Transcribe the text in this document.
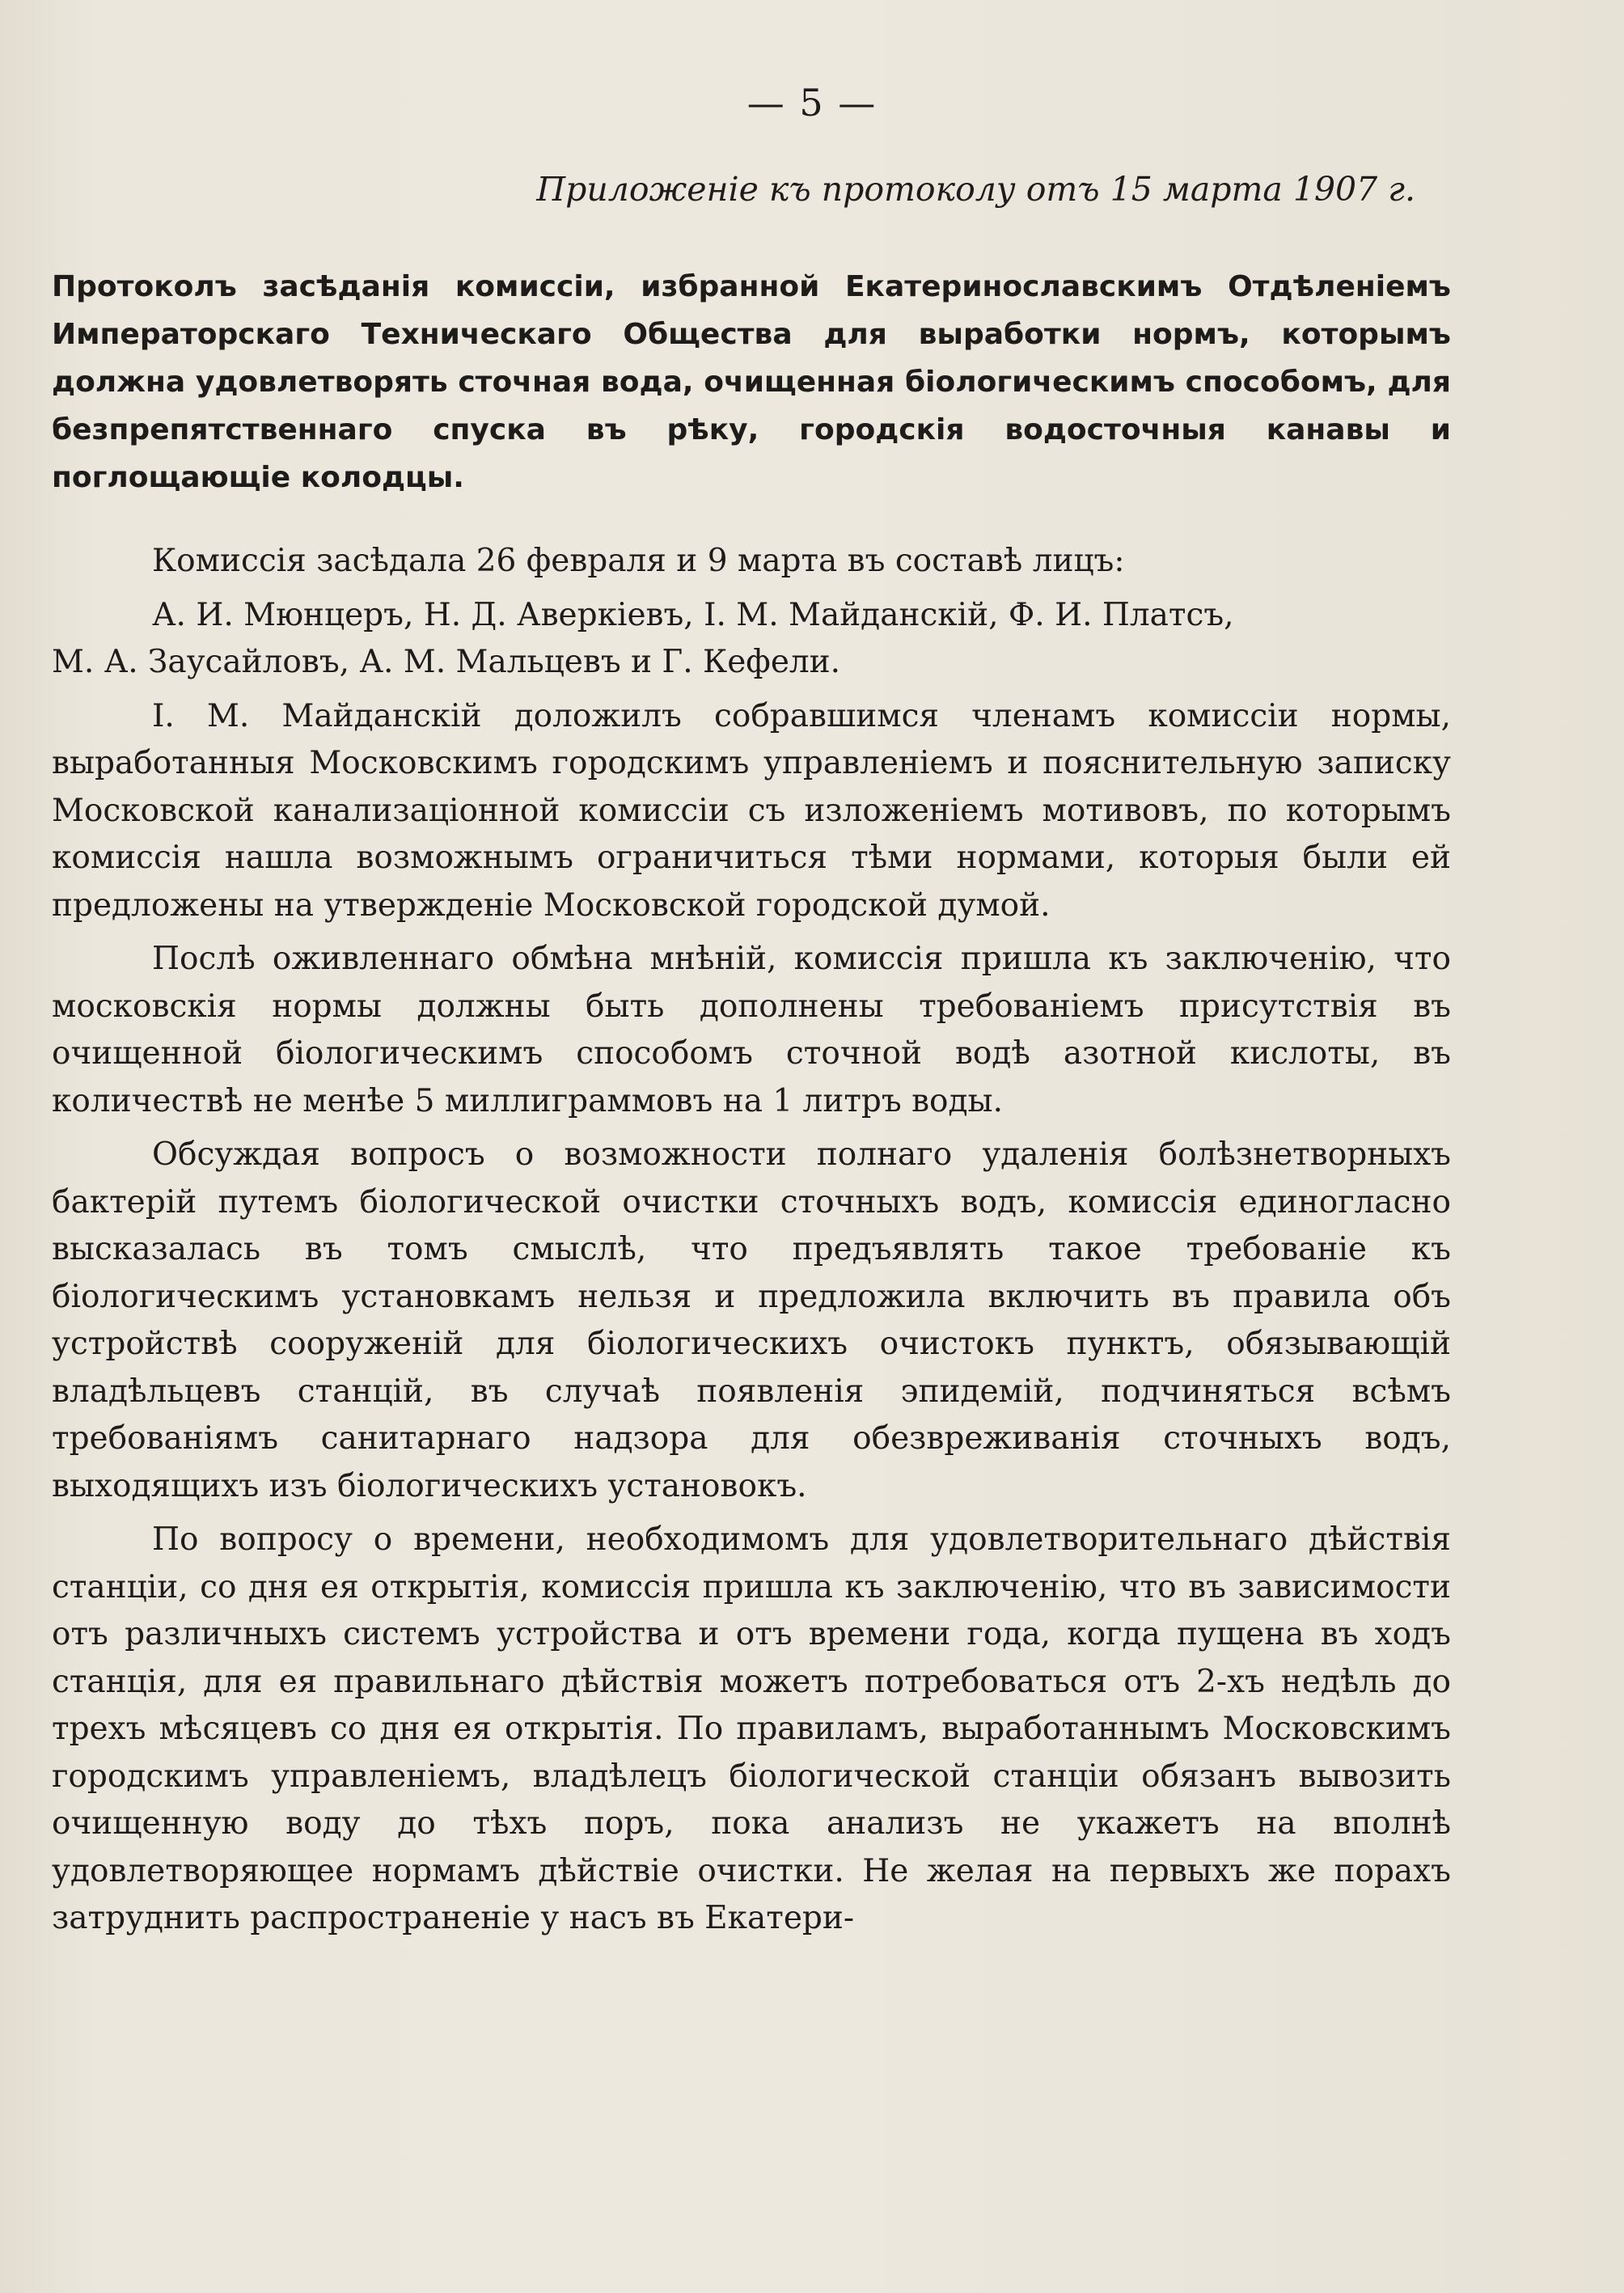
— 5 —
Приложеніе къ протоколу отъ 15 марта 1907 г.
Протоколъ засѣданія комиссіи, избранной Екатеринославскимъ Отдѣленіемъ Императорскаго Техническаго Общества для выработки нормъ, которымъ должна удовлетворять сточная вода, очищенная біологическимъ способомъ, для безпрепятственнаго спуска въ рѣку, городскія водосточныя канавы и поглощающіе колодцы.

Комиссія засѣдала 26 февраля и 9 марта въ составѣ лицъ:

А. И. Мюнцеръ, Н. Д. Аверкіевъ, І. М. Майданскій, Ф. И. Платсъ,

М. А. Заусайловъ, А. М. Мальцевъ и Г. Кефели.

І. М. Майданскій доложилъ собравшимся членамъ комиссіи нормы, выработанныя Московскимъ городскимъ управленіемъ и пояснительную записку Московской канализаціонной комиссіи съ изложеніемъ мотивовъ, по которымъ комиссія нашла возможнымъ ограничиться тѣми нормами, которыя были ей предложены на утвержденіе Московской городской думой.

Послѣ оживленнаго обмѣна мнѣній, комиссія пришла къ заключенію, что московскія нормы должны быть дополнены требованіемъ присутствія въ очищенной біологическимъ способомъ сточной водѣ азотной кислоты, въ количествѣ не менѣе 5 миллиграммовъ на 1 литръ воды.

Обсуждая вопросъ о возможности полнаго удаленія болѣзнетворныхъ бактерій путемъ біологической очистки сточныхъ водъ, комиссія единогласно высказалась въ томъ смыслѣ, что предъявлять такое требованіе къ біологическимъ установкамъ нельзя и предложила включить въ правила объ устройствѣ сооруженій для біологическихъ очистокъ пунктъ, обязывающій владѣльцевъ станцій, въ случаѣ появленія эпидемій, подчиняться всѣмъ требованіямъ санитарнаго надзора для обезвреживанія сточныхъ водъ, выходящихъ изъ біологическихъ установокъ.

По вопросу о времени, необходимомъ для удовлетворительнаго дѣйствія станціи, со дня ея открытія, комиссія пришла къ заключенію, что въ зависимости отъ различныхъ системъ устройства и отъ времени года, когда пущена въ ходъ станція, для ея правильнаго дѣйствія можетъ потребоваться отъ 2-хъ недѣль до трехъ мѣсяцевъ со дня ея открытія. По правиламъ, выработаннымъ Московскимъ городскимъ управленіемъ, владѣлецъ біологической станціи обязанъ вывозить очищенную воду до тѣхъ поръ, пока анализъ не укажетъ на вполнѣ удовлетворяющее нормамъ дѣйствіе очистки. Не желая на первыхъ же порахъ затруднить распространеніе у насъ въ Екатери-
